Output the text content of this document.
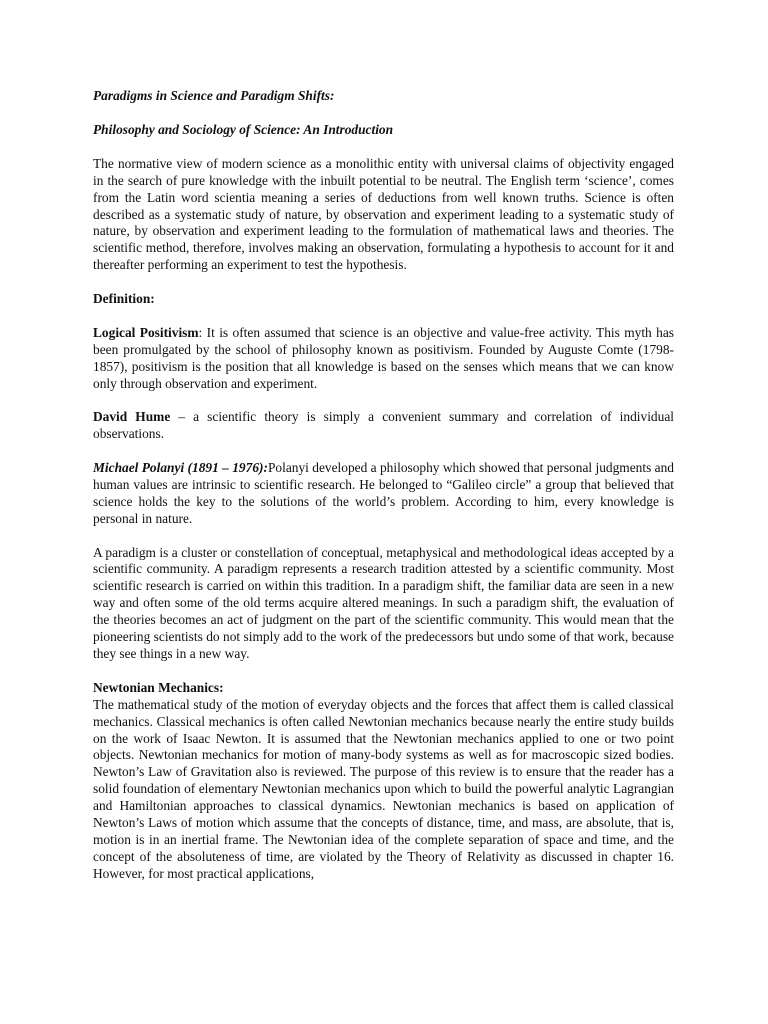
Paradigms in Science and Paradigm Shifts:
Philosophy and Sociology of Science: An Introduction

The normative view of modern science as a monolithic entity with universal claims of objectivity engaged in the search of pure knowledge with the inbuilt potential to be neutral. The English term ‘science’, comes from the Latin word scientia meaning a series of deductions from well known truths. Science is often described as a systematic study of nature, by observation and experiment leading to a systematic study of nature, by observation and experiment leading to the formulation of mathematical laws and theories. The scientific method, therefore, involves making an observation, formulating a hypothesis to account for it and thereafter performing an experiment to test the hypothesis.

Definition:

Logical Positivism: It is often assumed that science is an objective and value-free activity. This myth has been promulgated by the school of philosophy known as positivism. Founded by Auguste Comte (1798-1857), positivism is the position that all knowledge is based on the senses which means that we can know only through observation and experiment.

David Hume – a scientific theory is simply a convenient summary and correlation of individual observations.

Michael Polanyi (1891 – 1976):Polanyi developed a philosophy which showed that personal judgments and human values are intrinsic to scientific research. He belonged to “Galileo circle” a group that believed that science holds the key to the solutions of the world’s problem. According to him, every knowledge is personal in nature.

A paradigm is a cluster or constellation of conceptual, metaphysical and methodological ideas accepted by a scientific community. A paradigm represents a research tradition attested by a scientific community. Most scientific research is carried on within this tradition. In a paradigm shift, the familiar data are seen in a new way and often some of the old terms acquire altered meanings. In such a paradigm shift, the evaluation of the theories becomes an act of judgment on the part of the scientific community. This would mean that the pioneering scientists do not simply add to the work of the predecessors but undo some of that work, because they see things in a new way.

Newtonian Mechanics:

The mathematical study of the motion of everyday objects and the forces that affect them is called classical mechanics. Classical mechanics is often called Newtonian mechanics because nearly the entire study builds on the work of Isaac Newton. It is assumed that the Newtonian mechanics applied to one or two point objects. Newtonian mechanics for motion of many-body systems as well as for macroscopic sized bodies. Newton’s Law of Gravitation also is reviewed. The purpose of this review is to ensure that the reader has a solid foundation of elementary Newtonian mechanics upon which to build the powerful analytic Lagrangian and Hamiltonian approaches to classical dynamics. Newtonian mechanics is based on application of Newton’s Laws of motion which assume that the concepts of distance, time, and mass, are absolute, that is, motion is in an inertial frame. The Newtonian idea of the complete separation of space and time, and the concept of the absoluteness of time, are violated by the Theory of Relativity as discussed in chapter 16. However, for most practical applications,
